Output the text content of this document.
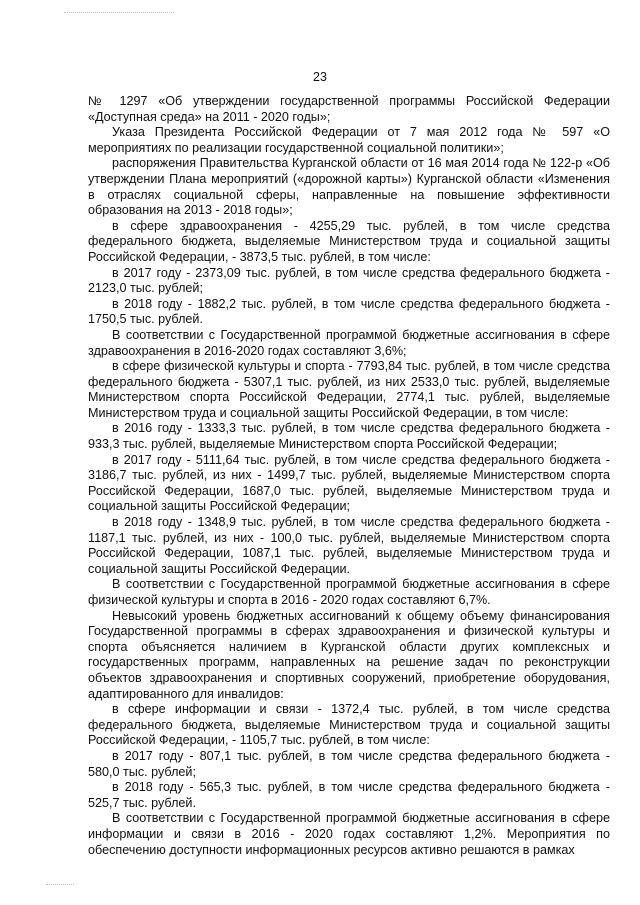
23

№ 1297 «Об утверждении государственной программы Российской Федерации «Доступная среда» на 2011 - 2020 годы»;

Указа Президента Российской Федерации от 7 мая 2012 года № 597 «О мероприятиях по реализации государственной социальной политики»;

распоряжения Правительства Курганской области от 16 мая 2014 года № 122-р «Об утверждении Плана мероприятий («дорожной карты») Курганской области «Изменения в отраслях социальной сферы, направленные на повышение эффективности образования на 2013 - 2018 годы»;

в сфере здравоохранения - 4255,29 тыс. рублей, в том числе средства федерального бюджета, выделяемые Министерством труда и социальной защиты Российской Федерации, - 3873,5 тыс. рублей, в том числе:

в 2017 году - 2373,09 тыс. рублей, в том числе средства федерального бюджета - 2123,0 тыс. рублей;

в 2018 году - 1882,2 тыс. рублей, в том числе средства федерального бюджета - 1750,5 тыс. рублей.

В соответствии с Государственной программой бюджетные ассигнования в сфере здравоохранения в 2016-2020 годах составляют 3,6%;

в сфере физической культуры и спорта - 7793,84 тыс. рублей, в том числе средства федерального бюджета - 5307,1 тыс. рублей, из них 2533,0 тыс. рублей, выделяемые Министерством спорта Российской Федерации, 2774,1 тыс. рублей, выделяемые Министерством труда и социальной защиты Российской Федерации, в том числе:

в 2016 году - 1333,3 тыс. рублей, в том числе средства федерального бюджета - 933,3 тыс. рублей, выделяемые Министерством спорта Российской Федерации;

в 2017 году - 5111,64 тыс. рублей, в том числе средства федерального бюджета - 3186,7 тыс. рублей, из них - 1499,7 тыс. рублей, выделяемые Министерством спорта Российской Федерации, 1687,0 тыс. рублей, выделяемые Министерством труда и социальной защиты Российской Федерации;

в 2018 году - 1348,9 тыс. рублей, в том числе средства федерального бюджета - 1187,1 тыс. рублей, из них - 100,0 тыс. рублей, выделяемые Министерством спорта Российской Федерации, 1087,1 тыс. рублей, выделяемые Министерством труда и социальной защиты Российской Федерации.

В соответствии с Государственной программой бюджетные ассигнования в сфере физической культуры и спорта в 2016 - 2020 годах составляют 6,7%.

Невысокий уровень бюджетных ассигнований к общему объему финансирования Государственной программы в сферах здравоохранения и физической культуры и спорта объясняется наличием в Курганской области других комплексных и государственных программ, направленных на решение задач по реконструкции объектов здравоохранения и спортивных сооружений, приобретение оборудования, адаптированного для инвалидов:

в сфере информации и связи - 1372,4 тыс. рублей, в том числе средства федерального бюджета, выделяемые Министерством труда и социальной защиты Российской Федерации, - 1105,7 тыс. рублей, в том числе:

в 2017 году - 807,1 тыс. рублей, в том числе средства федерального бюджета - 580,0 тыс. рублей;

в 2018 году - 565,3 тыс. рублей, в том числе средства федерального бюджета - 525,7 тыс. рублей.

В соответствии с Государственной программой бюджетные ассигнования в сфере информации и связи в 2016 - 2020 годах составляют 1,2%. Мероприятия по обеспечению доступности информационных ресурсов активно решаются в рамках
